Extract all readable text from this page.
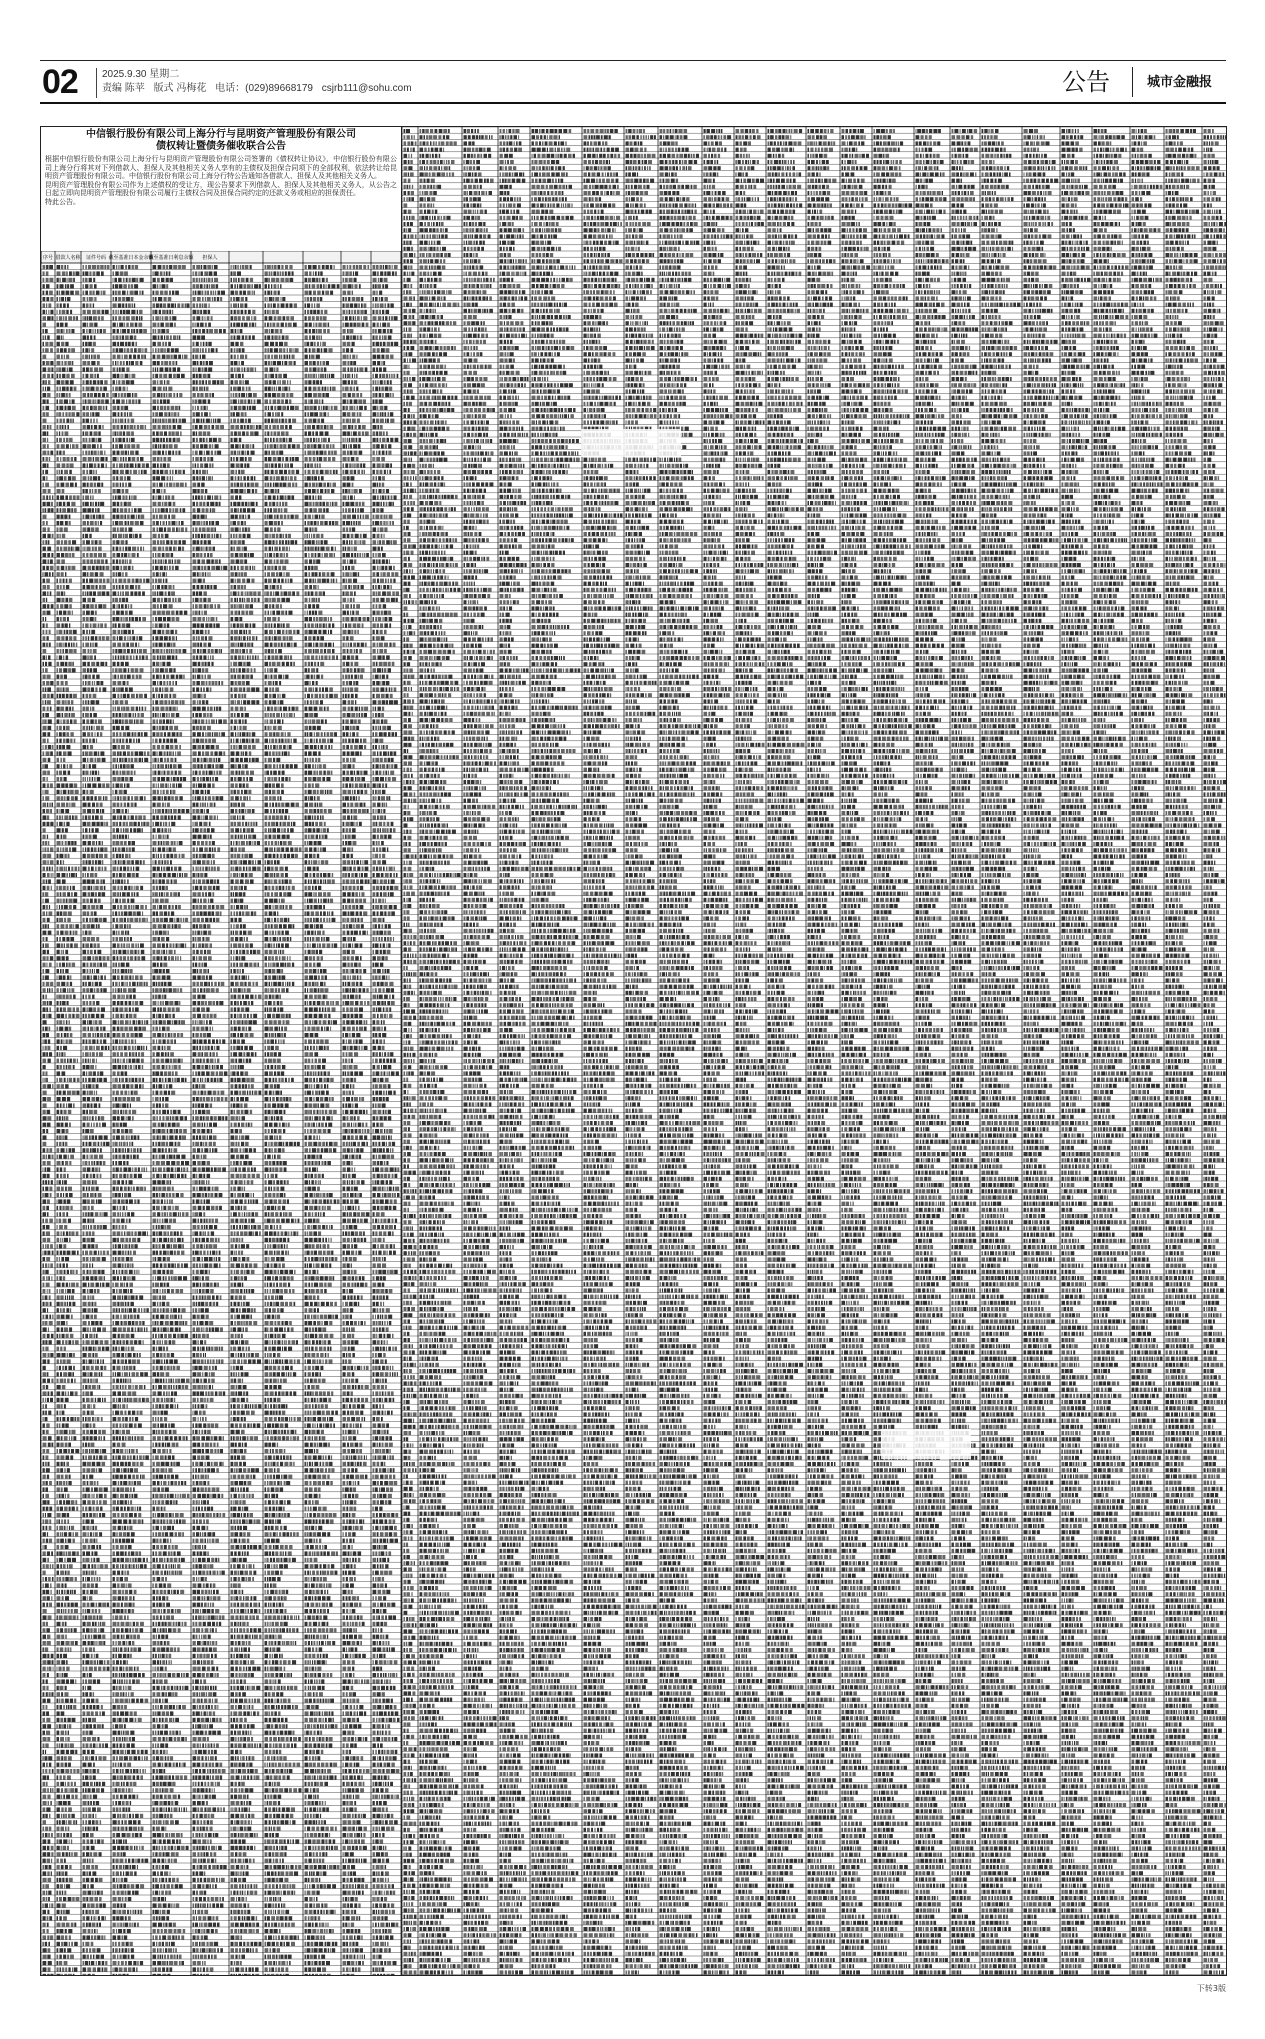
02 2025.9.30 星期二
责编 陈苹 版式 冯梅花 电话：(029)89668179 csjrb111@sohu.com	公告	城市金融报
中信银行股份有限公司上海分行与昆明资产管理股份有限公司
债权转让暨债务催收联合公告

根据中信银行股份有限公司上海分行与昆明资产管理股份有限公司签署的《债权转让协议》，中信银行股份有限公司上海分行将其对下列借款人、担保人及其他相关义务人享有的主债权及担保合同项下的全部权利，依法转让给昆明资产管理股份有限公司。中信银行股份有限公司上海分行特公告通知各借款人、担保人及其他相关义务人。

昆明资产管理股份有限公司作为上述债权的受让方，现公告要求下列借款人、担保人及其他相关义务人，从公告之日起立即向昆明资产管理股份有限公司履行主债权合同及担保合同约定的还款义务或相应的担保责任。

特此公告。

序号 借款人名称 证件号码 截至基准日本金余额
截至基准日利息余额 担保人
下转3版
